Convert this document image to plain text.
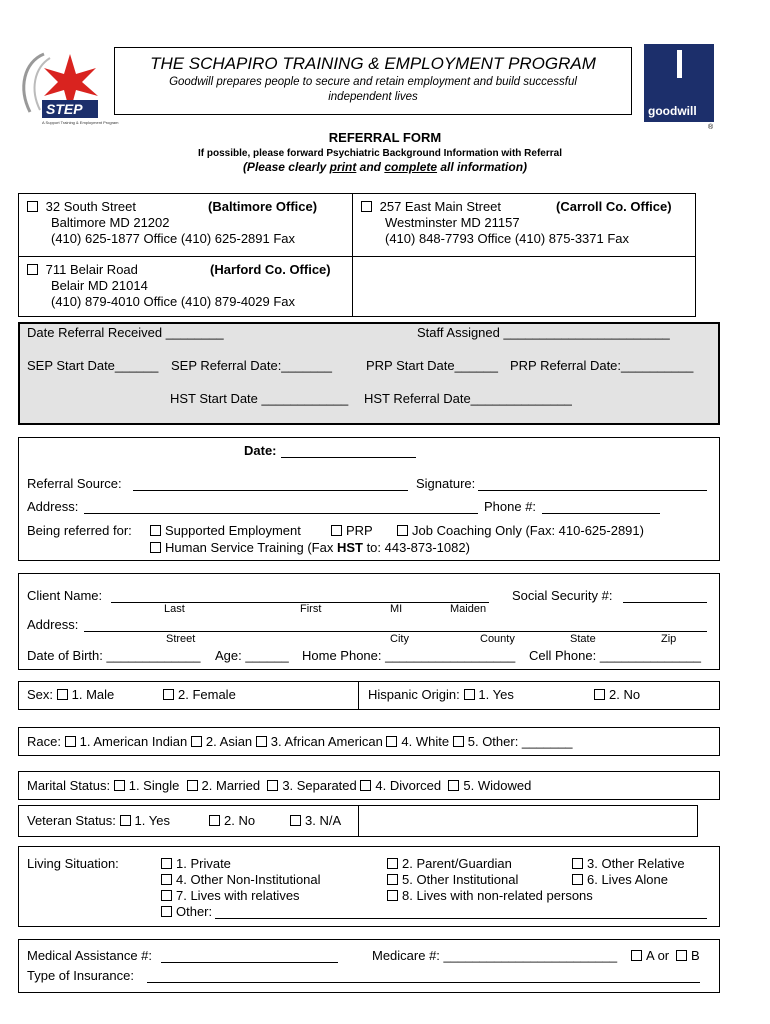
STEP
A Support Training & Employment Program
THE SCHAPIRO TRAINING & EMPLOYMENT PROGRAM
Goodwill prepares people to secure and retain employment and build successful
independent lives
goodwill
®
REFERRAL FORM
If possible, please forward Psychiatric Background Information with Referral
(Please clearly print and complete all information)
32 South Street	(Baltimore Office)
Baltimore MD 21202
(410) 625-1877 Office (410) 625-2891 Fax
257 East Main Street	(Carroll Co. Office)
Westminster MD 21157
(410) 848-7793 Office (410) 875-3371 Fax
711 Belair Road	(Harford Co. Office)
Belair MD 21014
(410) 879-4010 Office (410) 879-4029 Fax
Date Referral Received ________	Staff Assigned _______________________
SEP Start Date______ SEP Referral Date:_______	PRP Start Date______ PRP Referral Date:__________
HST Start Date ____________ HST Referral Date______________
Date:
Referral Source:	Signature:
Address:	Phone #:
Being referred for:	Supported Employment	PRP	Job Coaching Only (Fax: 410-625-2891)
Human Service Training (Fax HST to: 443-873-1082)
Client Name:	Social Security #:
Last	First	MI	Maiden
Address:
Street	City	County	State	Zip
Date of Birth: _____________ Age: ______ Home Phone: __________________ Cell Phone: ______________
Sex: 1. Male	2. Female	Hispanic Origin: 1. Yes	2. No
Race: 1. American Indian 2. Asian 3. African American 4. White 5. Other: _______
Marital Status: 1. Single 2. Married 3. Separated 4. Divorced 5. Widowed
Veteran Status: 1. Yes	2. No	3. N/A
Living Situation:	1. Private	2. Parent/Guardian	3. Other Relative
4. Other Non-Institutional	5. Other Institutional	6. Lives Alone
7. Lives with relatives	8. Lives with non-related persons
Other:
Medical Assistance #:	Medicare #: ________________________	A or	B
Type of Insurance:
